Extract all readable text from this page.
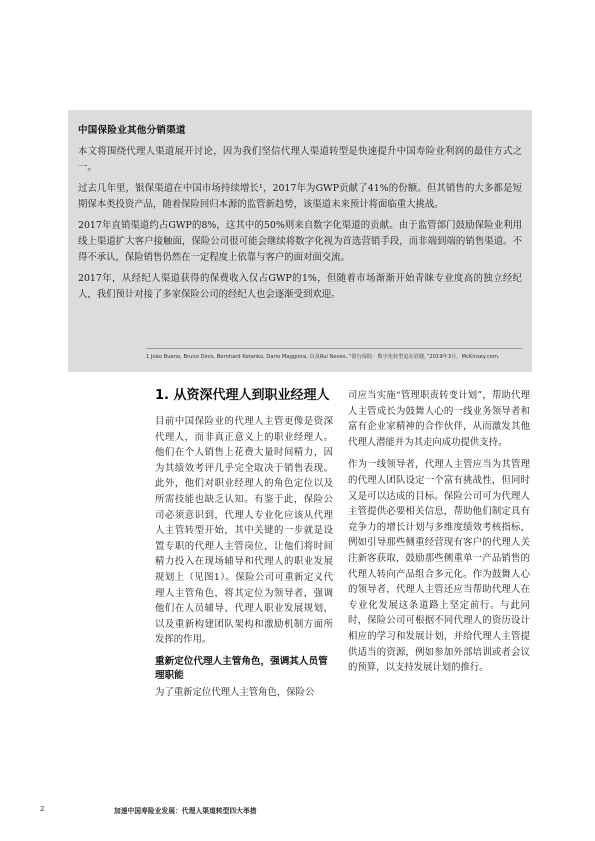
中国保险业其他分销渠道

本文将围绕代理人渠道展开讨论，因为我们坚信代理人渠道转型是快速提升中国寿险业利润的最佳方式之一。

过去几年里，银保渠道在中国市场持续增长¹，2017年为GWP贡献了41%的份额。但其销售的大多都是短期保本类投资产品，随着保险回归本源的监管新趋势，该渠道未来预计将面临重大挑战。

2017年直销渠道约占GWP的8%，这其中的50%则来自数字化渠道的贡献。由于监管部门鼓励保险业利用线上渠道扩大客户接触面，保险公司很可能会继续将数字化视为首选营销手段，而非端到端的销售渠道。不得不承认，保险销售仍然在一定程度上依靠与客户的面对面交流。

2017年，从经纪人渠道获得的保费收入仅占GWP的1%，但随着市场渐渐开始青睐专业度高的独立经纪人，我们预计对接了多家保险公司的经纪人也会逐渐受到欢迎。

1 João Bueno, Bruno Dinis, Bernhard Kotanko, Dario Maggiora, 以及Rui Neves, “银行保险：数字化转型迫在眉睫，”2019年3月，McKinsey.com.
1. 从资深代理人到职业经理人

目前中国保险业的代理人主管更像是资深代理人，而非真正意义上的职业经理人。他们在个人销售上花费大量时间精力，因为其绩效考评几乎完全取决于销售表现。此外，他们对职业经理人的角色定位以及所需技能也缺乏认知。有鉴于此，保险公司必须意识到，代理人专业化应该从代理人主管转型开始，其中关键的一步就是设置专职的代理人主管岗位，让他们将时间精力投入在现场辅导和代理人的职业发展规划上（见图1）。保险公司可重新定义代理人主管角色，将其定位为领导者，强调他们在人员辅导、代理人职业发展规划，以及重新构建团队架构和激励机制方面所发挥的作用。

重新定位代理人主管角色，强调其人员管理职能

为了重新定位代理人主管角色，保险公

司应当实施“管理职责转变计划”，帮助代理人主管成长为鼓舞人心的一线业务领导者和富有企业家精神的合作伙伴，从而激发其他代理人潜能并为其走向成功提供支持。

作为一线领导者，代理人主管应当为其管理的代理人团队设定一个富有挑战性，但同时又是可以达成的目标。保险公司可为代理人主管提供必要相关信息，帮助他们制定具有竞争力的增长计划与多维度绩效考核指标，例如引导那些侧重经营现有客户的代理人关注新客获取，鼓励那些侧重单一产品销售的代理人转向产品组合多元化。作为鼓舞人心的领导者，代理人主管还应当帮助代理人在专业化发展这条道路上坚定前行。与此同时，保险公司可根据不同代理人的资历设计相应的学习和发展计划，并给代理人主管提供适当的资源，例如参加外部培训或者会议的预算，以支持发展计划的推行。

2	加速中国寿险业发展：代理人渠道转型四大举措
